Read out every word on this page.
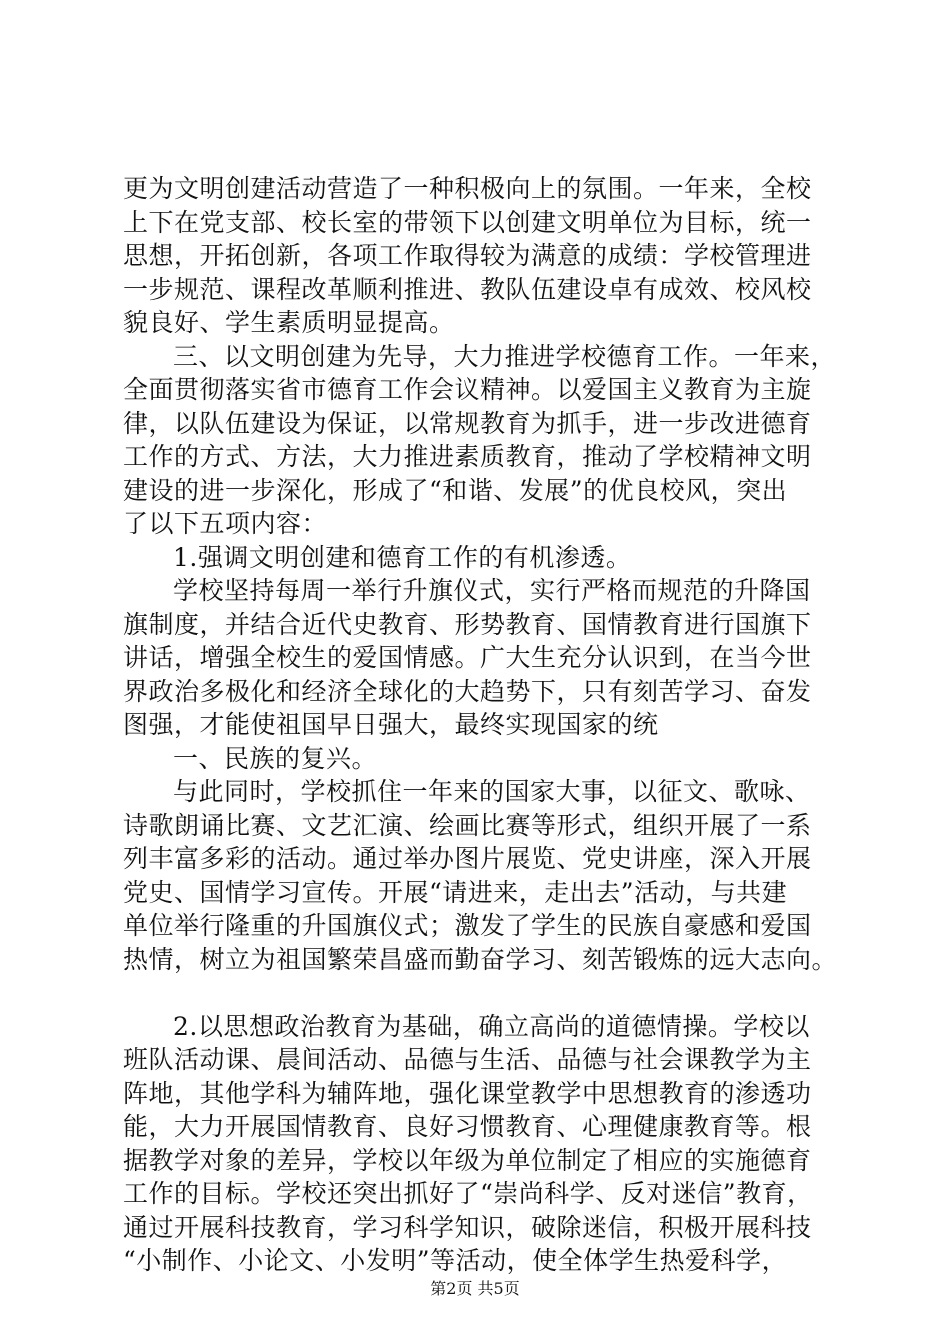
更为文明创建活动营造了一种积极向上的氛围。一年来，全校
上下在党支部、校长室的带领下以创建文明单位为目标，统一
思想，开拓创新，各项工作取得较为满意的成绩：学校管理进
一步规范、课程改革顺利推进、教队伍建设卓有成效、校风校
貌良好、学生素质明显提高。
三、以文明创建为先导，大力推进学校德育工作。一年来，
全面贯彻落实省市德育工作会议精神。以爱国主义教育为主旋
律，以队伍建设为保证，以常规教育为抓手，进一步改进德育
工作的方式、方法，大力推进素质教育，推动了学校精神文明
建设的进一步深化，形成了“和谐、发展”的优良校风，突出
了以下五项内容：
1.强调文明创建和德育工作的有机渗透。
学校坚持每周一举行升旗仪式，实行严格而规范的升降国
旗制度，并结合近代史教育、形势教育、国情教育进行国旗下
讲话，增强全校生的爱国情感。广大生充分认识到，在当今世
界政治多极化和经济全球化的大趋势下，只有刻苦学习、奋发
图强，才能使祖国早日强大，最终实现国家的统
一、民族的复兴。
与此同时，学校抓住一年来的国家大事，以征文、歌咏、
诗歌朗诵比赛、文艺汇演、绘画比赛等形式，组织开展了一系
列丰富多彩的活动。通过举办图片展览、党史讲座，深入开展
党史、国情学习宣传。开展“请进来，走出去”活动，与共建
单位举行隆重的升国旗仪式；激发了学生的民族自豪感和爱国
热情，树立为祖国繁荣昌盛而勤奋学习、刻苦锻炼的远大志向。
2.以思想政治教育为基础，确立高尚的道德情操。学校以
班队活动课、晨间活动、品德与生活、品德与社会课教学为主
阵地，其他学科为辅阵地，强化课堂教学中思想教育的渗透功
能，大力开展国情教育、良好习惯教育、心理健康教育等。根
据教学对象的差异，学校以年级为单位制定了相应的实施德育
工作的目标。学校还突出抓好了“崇尚科学、反对迷信”教育，
通过开展科技教育，学习科学知识，破除迷信，积极开展科技
“小制作、小论文、小发明”等活动，使全体学生热爱科学，
第2页 共5页
